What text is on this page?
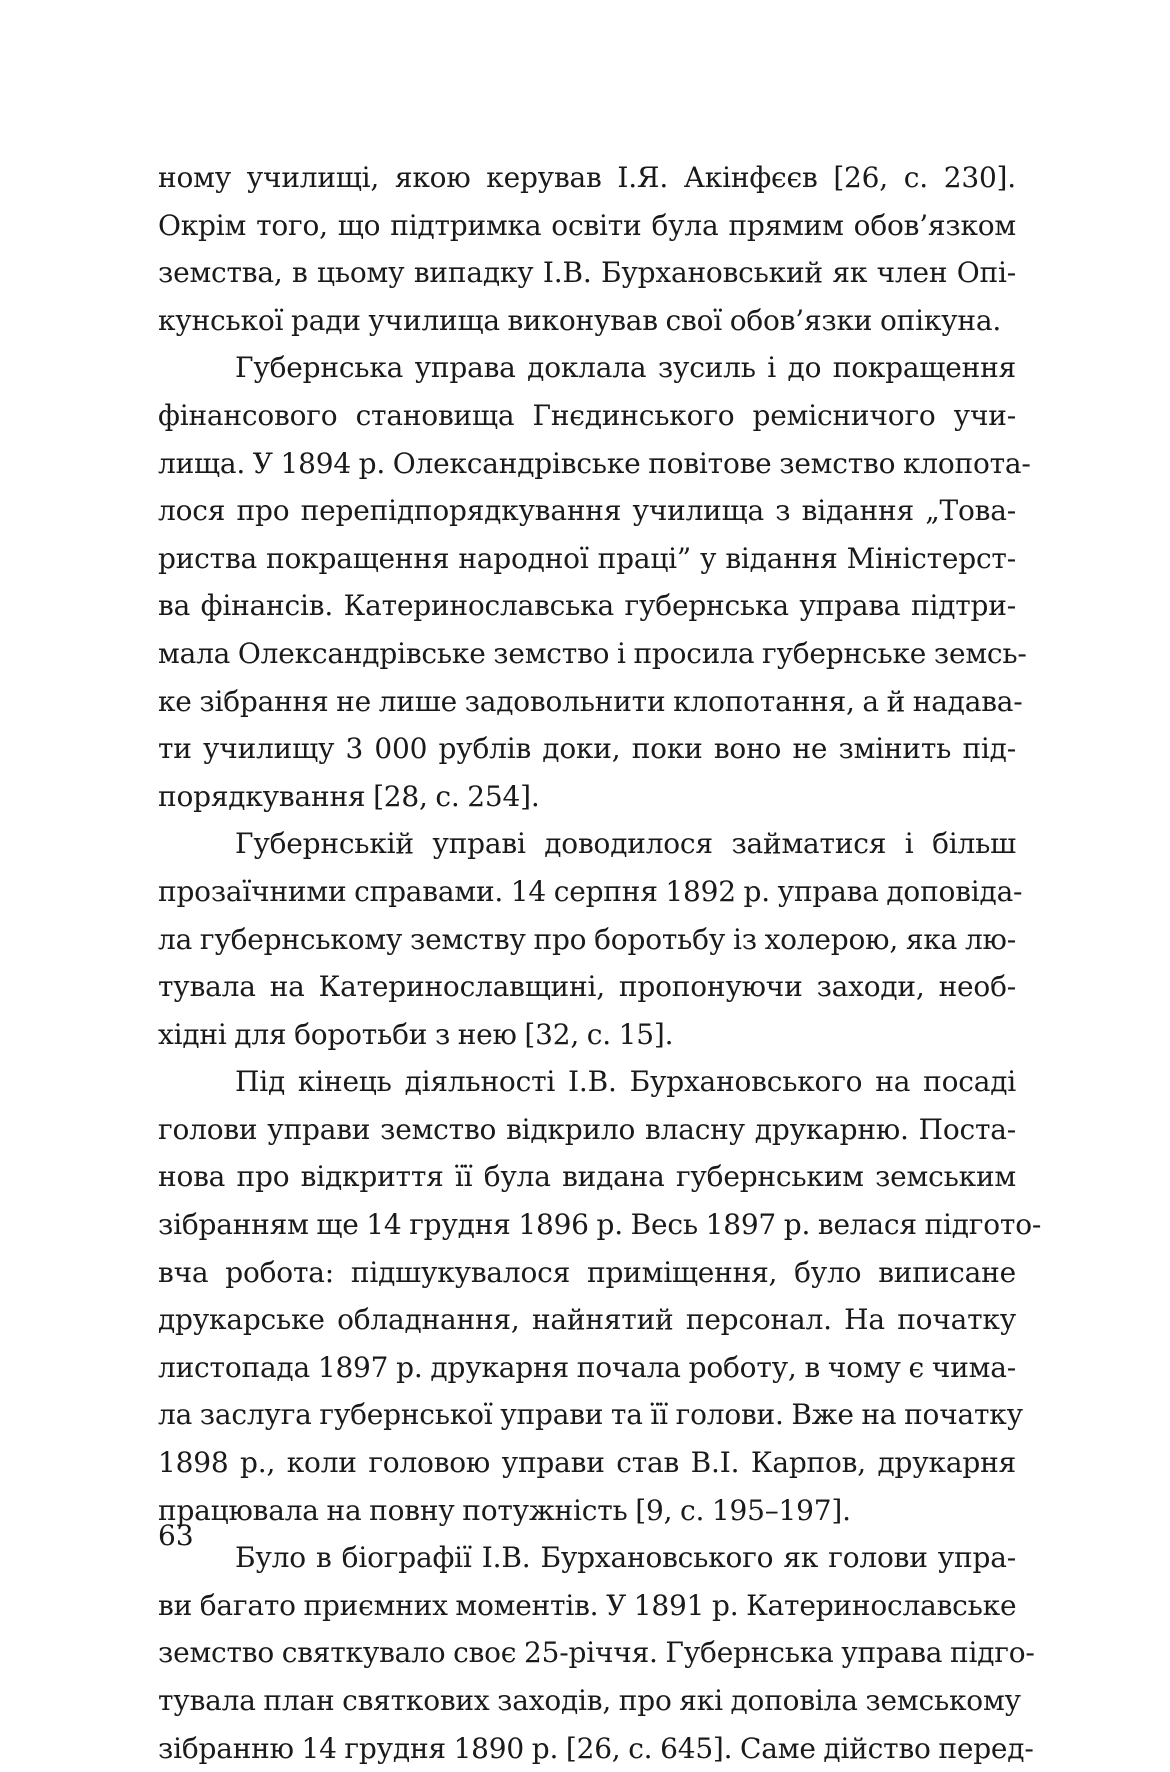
ному училищі, якою керував І.Я. Акінфєєв [26, с. 230].
Окрім того, що підтримка освіти була прямим обов’язком
земства, в цьому випадку І.В. Бурхановський як член Опі-
кунської ради училища виконував свої обов’язки опікуна.
Губернська управа доклала зусиль і до покращення
фінансового становища Гнєдинського ремісничого учи-
лища. У 1894 р. Олександрівське повітове земство клопота-
лося про перепідпорядкування училища з відання „Това-
риства покращення народної праці” у відання Міністерст-
ва фінансів. Катеринославська губернська управа підтри-
мала Олександрівське земство і просила губернське земсь-
ке зібрання не лише задовольнити клопотання, а й надава-
ти училищу 3 000 рублів доки, поки воно не змінить під-
порядкування [28, с. 254].
Губернській управі доводилося займатися і більш
прозаїчними справами. 14 серпня 1892 р. управа доповіда-
ла губернському земству про боротьбу із холерою, яка лю-
тувала на Катеринославщині, пропонуючи заходи, необ-
хідні для боротьби з нею [32, с. 15].
Під кінець діяльності І.В. Бурхановського на посаді
голови управи земство відкрило власну друкарню. Поста-
нова про відкриття її була видана губернським земським
зібранням ще 14 грудня 1896 р. Весь 1897 р. велася підгото-
вча робота: підшукувалося приміщення, було виписане
друкарське обладнання, найнятий персонал. На початку
листопада 1897 р. друкарня почала роботу, в чому є чима-
ла заслуга губернської управи та її голови. Вже на початку
1898 р., коли головою управи став В.І. Карпов, друкарня
працювала на повну потужність [9, с. 195–197].
Було в біографії І.В. Бурхановського як голови упра-
ви багато приємних моментів. У 1891 р. Катеринославське
земство святкувало своє 25-річчя. Губернська управа підго-
тувала план святкових заходів, про які доповіла земському
зібранню 14 грудня 1890 р. [26, с. 645]. Саме дійство перед-
63
